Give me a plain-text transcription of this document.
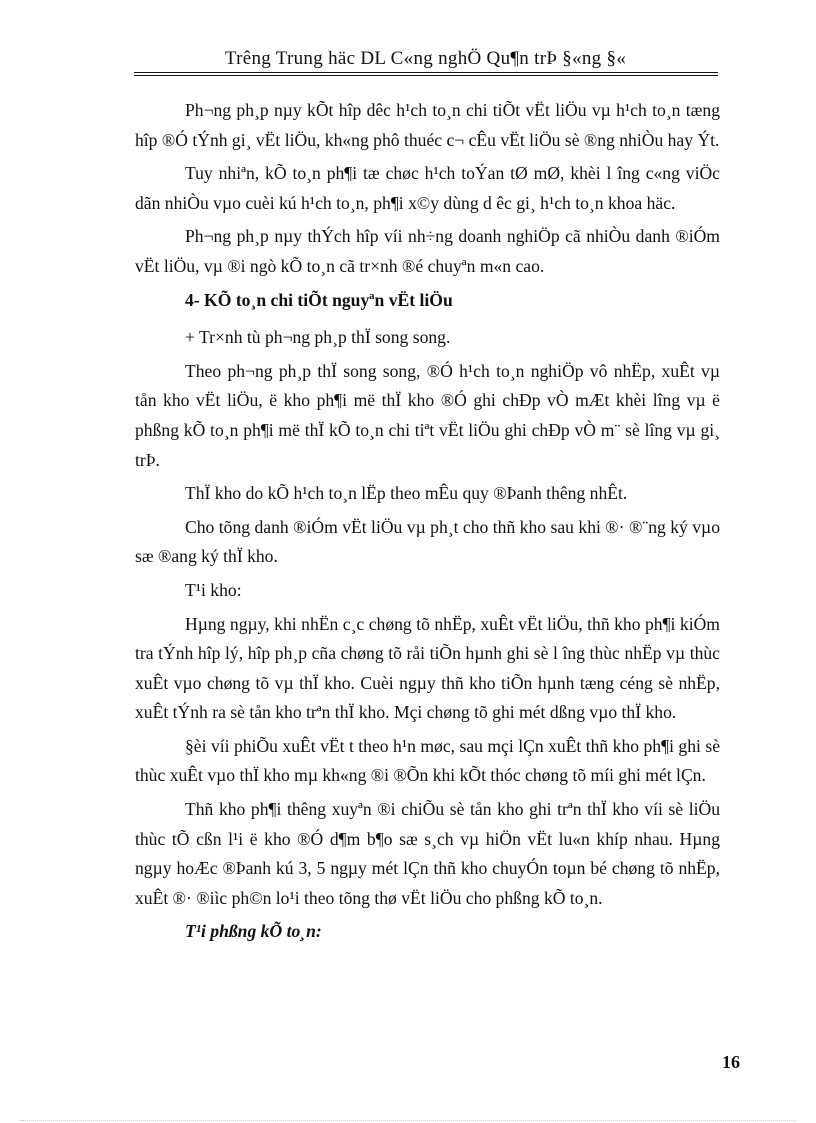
Trêng Trung häc DL C«ng nghÖ Qu¶n trÞ §«ng §«

Ph¬ng ph¸p nµy kÕt hîp dêc h¹ch to¸n chi tiÕt vËt liÖu vµ h¹ch to¸n tæng hîp ®Ó tÝnh gi¸ vËt liÖu, kh«ng phô thuéc c¬ cÊu vËt liÖu sè ®ng nhiÒu hay Ýt.

Tuy nhiªn, kÕ to¸n ph¶i tæ chøc h¹ch toÝan tØ mØ, khèi l îng c«ng viÖc dãn nhiÒu vµo cuèi kú h¹ch to¸n, ph¶i x©y dùng d êc gi¸ h¹ch to¸n khoa häc.

Ph¬ng ph¸p nµy thÝch hîp víi nh÷ng doanh nghiÖp cã nhiÒu danh ®iÓm vËt liÖu, vµ ®i ngò kÕ to¸n cã tr×nh ®é chuyªn m«n cao.

4- KÕ to¸n chi tiÕt nguyªn vËt liÖu

+ Tr×nh tù ph¬ng ph¸p thÏ song song.

Theo ph¬ng ph¸p thÏ song song, ®Ó h¹ch to¸n nghiÖp vô nhËp, xuÊt vµ tån kho vËt liÖu, ë kho ph¶i më thÏ kho ®Ó ghi chÐp vÒ mÆt khèi lîng vµ ë phßng kÕ to¸n ph¶i më thÏ kÕ to¸n chi tiªt vËt liÖu ghi chÐp vÒ m¨ sè lîng vµ gi¸ trÞ.

ThÏ kho do kÕ h¹ch to¸n lËp theo mÊu quy ®Þanh thêng nhÊt.

Cho tõng danh ®iÓm vËt liÖu vµ ph¸t cho thñ kho sau khi ®· ®¨ng ký vµo sæ ®ang ký thÏ kho.

T¹i kho:

Hµng ngµy, khi nhËn c¸c chøng tõ nhËp, xuÊt vËt liÖu, thñ kho ph¶i kiÓm tra tÝnh hîp lý, hîp ph¸p cña chøng tõ råi tiÕn hµnh ghi sè l îng thùc nhËp vµ thùc xuÊt vµo chøng tõ vµ thÏ kho. Cuèi ngµy thñ kho tiÕn hµnh tæng céng sè nhËp, xuÊt tÝnh ra sè tån kho trªn thÏ kho. Mçi chøng tõ ghi mét dßng vµo thÏ kho.

§èi víi phiÕu xuÊt vËt t theo h¹n møc, sau mçi lÇn xuÊt thñ kho ph¶i ghi sè thùc xuÊt vµo thÏ kho mµ kh«ng ®i ®Õn khi kÕt thóc chøng tõ míi ghi mét lÇn.

Thñ kho ph¶i thêng xuyªn ®i chiÕu sè tån kho ghi trªn thÏ kho víi sè liÖu thùc tÕ cßn l¹i ë kho ®Ó d¶m b¶o sæ s¸ch vµ hiÖn vËt lu«n khíp nhau. Hµng ngµy hoÆc ®Þanh kú 3, 5 ngµy mét lÇn thñ kho chuyÓn toµn bé chøng tõ nhËp, xuÊt ®· ®iìc ph©n lo¹i theo tõng thø vËt liÖu cho phßng kÕ to¸n.

T¹i phßng kÕ to¸n:

16
